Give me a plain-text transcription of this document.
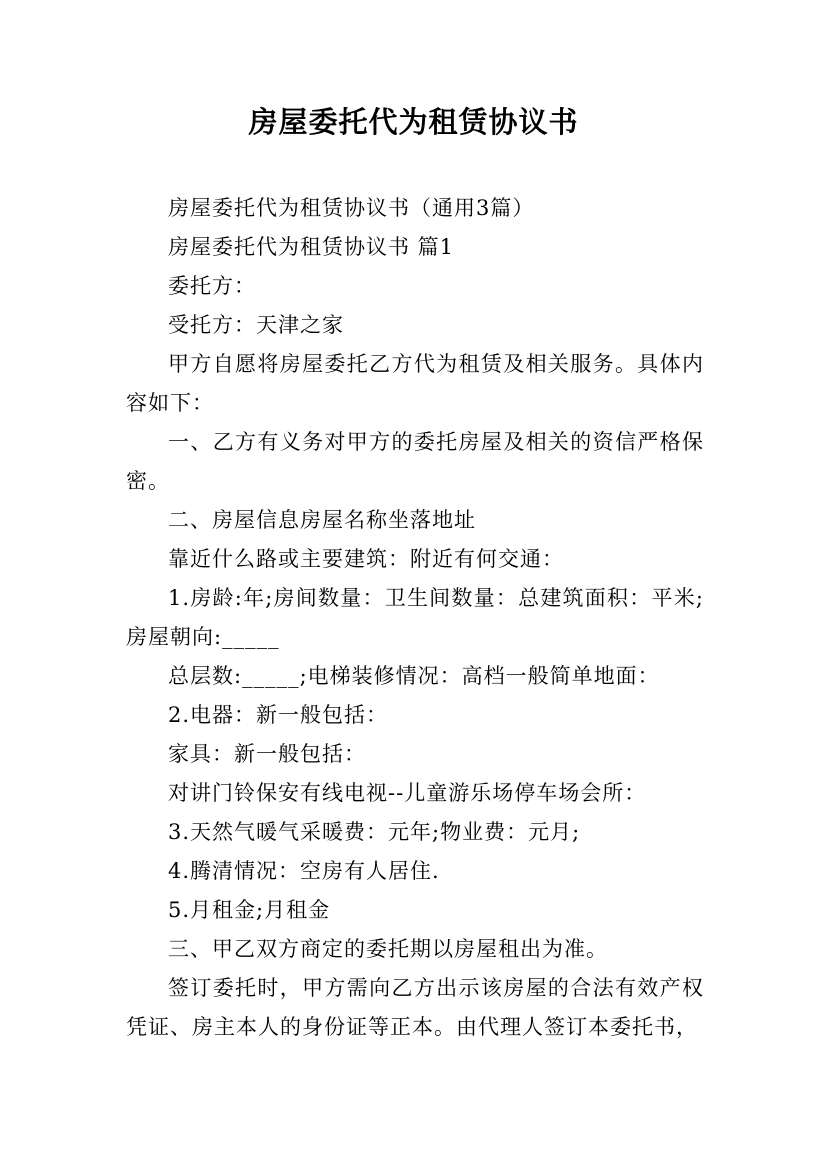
房屋委托代为租赁协议书

房屋委托代为租赁协议书（通用3篇）

房屋委托代为租赁协议书 篇1

委托方：

受托方：天津之家

甲方自愿将房屋委托乙方代为租赁及相关服务。具体内容如下：

一、乙方有义务对甲方的委托房屋及相关的资信严格保密。

二、房屋信息房屋名称坐落地址

靠近什么路或主要建筑：附近有何交通：

1.房龄:年;房间数量：卫生间数量：总建筑面积：平米;房屋朝向:_____

总层数:_____;电梯装修情况：高档一般简单地面：

2.电器：新一般包括：

家具：新一般包括：

对讲门铃保安有线电视--儿童游乐场停车场会所：

3.天然气暖气采暖费：元年;物业费：元月;

4.腾清情况：空房有人居住.

5.月租金;月租金

三、甲乙双方商定的委托期以房屋租出为准。

签订委托时，甲方需向乙方出示该房屋的合法有效产权凭证、房主本人的身份证等正本。由代理人签订本委托书，
